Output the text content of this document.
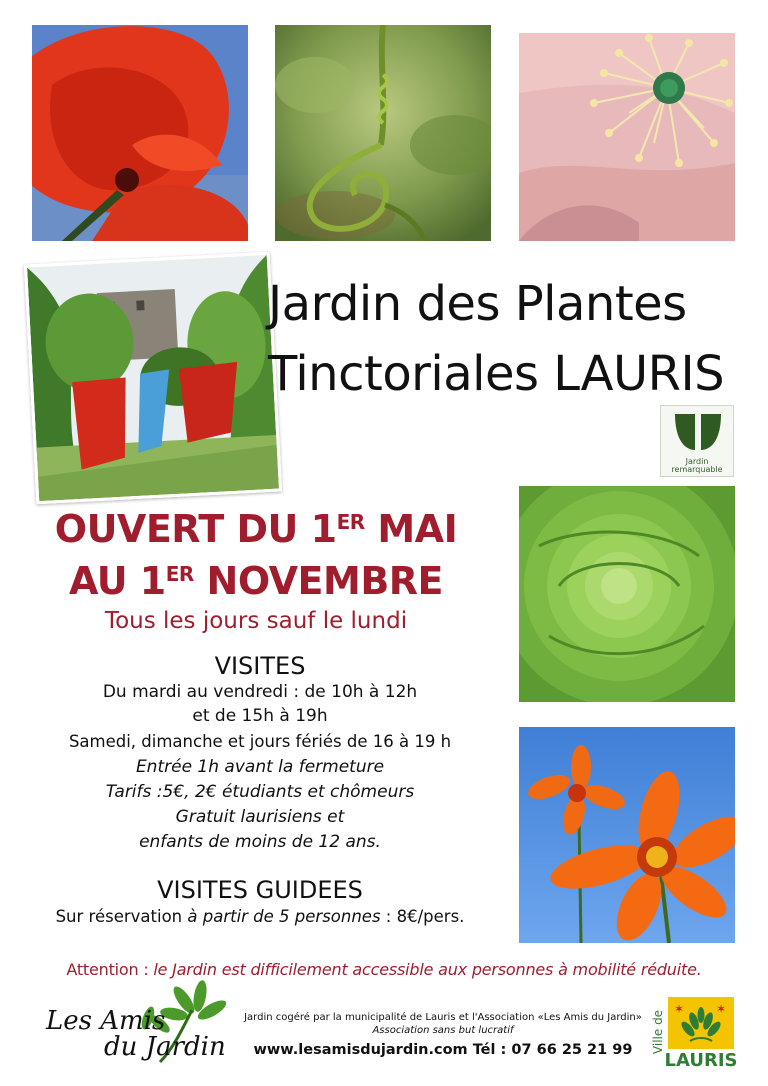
Jardin des Plantes
Tinctoriales LAURIS
Jardin remarquable
OUVERT DU 1ER MAI
AU 1ER NOVEMBRE
Tous les jours sauf le lundi
VISITES
Du mardi au vendredi : de 10h à 12h
et de 15h à 19h
Samedi, dimanche et jours fériés de 16 à 19 h
Entrée 1h avant la fermeture
Tarifs :5€, 2€ étudiants et chômeurs
Gratuit laurisiens et
enfants de moins de 12 ans.
VISITES GUIDEES
Sur réservation à partir de 5 personnes : 8€/pers.
Attention : le Jardin est difficilement accessible aux personnes à mobilité réduite.
Les Amis
du Jardin
Jardin cogéré par la municipalité de Lauris et l'Association «Les Amis du Jardin»
Association sans but lucratif
www.lesamisdujardin.com Tél : 07 66 25 21 99	Ville de
✶	✶
LAURIS
